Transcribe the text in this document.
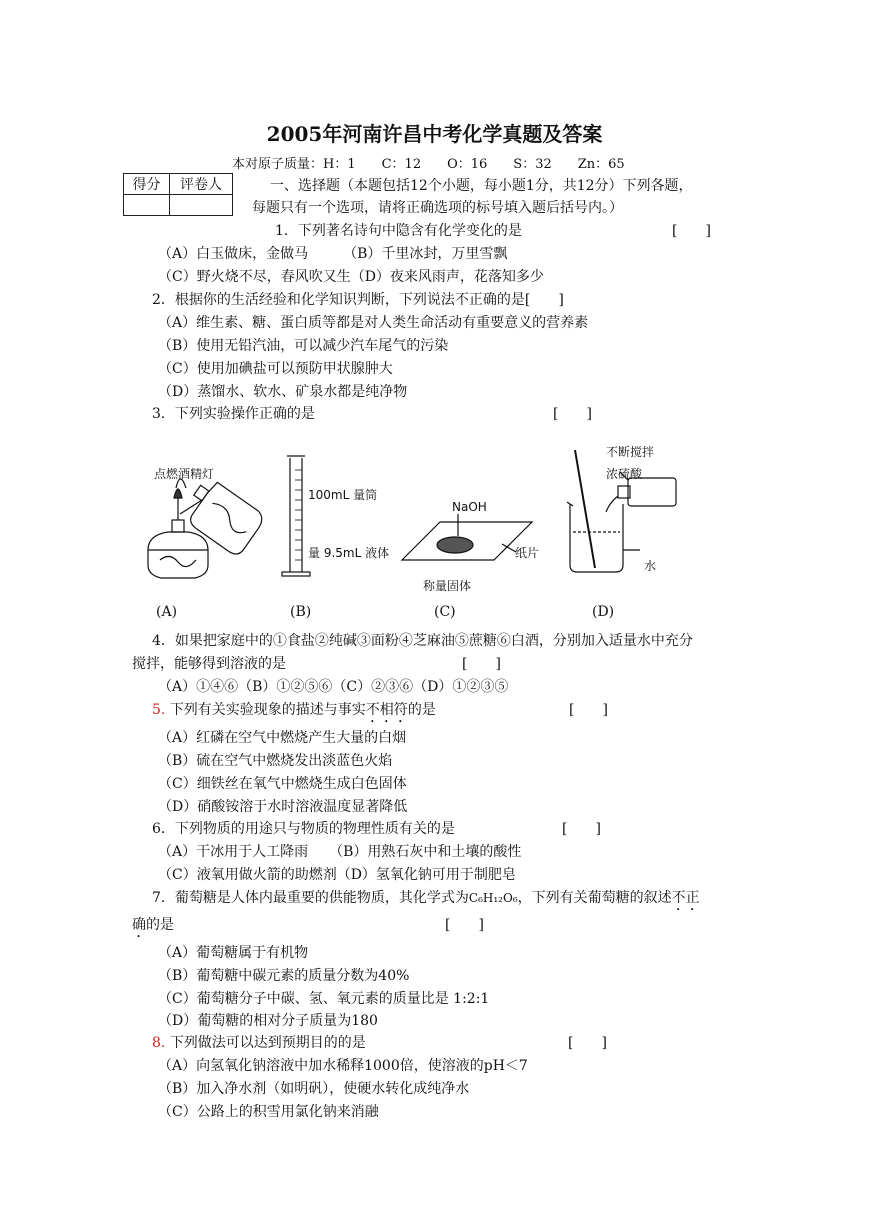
2005年河南许昌中考化学真题及答案
本对原子质量：H：1　　C：12　　O：16　　S：32　　Zn：65
得分	评卷人
		一、选择题（本题包括12个小题，每小题1分，共12分）下列各题，
每题只有一个选项，请将正确选项的标号填入题后括号内。）
1．下列著名诗句中隐含有化学变化的是	[　　]
（A）白玉做床，金做马　　　（B）千里冰封，万里雪飘
（C）野火烧不尽，春风吹又生（D）夜来风雨声，花落知多少
2．根据你的生活经验和化学知识判断，下列说法不正确的是[　　]
（A）维生素、糖、蛋白质等都是对人类生命活动有重要意义的营养素
（B）使用无铅汽油，可以减少汽车尾气的污染
（C）使用加碘盐可以预防甲状腺肿大
（D）蒸馏水、软水、矿泉水都是纯净物
3．下列实验操作正确的是	[　　]
点燃酒精灯
100mL 量筒
量 9.5mL 液体
NaOH
纸片
称量固体
不断搅拌
浓硫酸
水
(A)	(B)	(C)	(D)
4．如果把家庭中的①食盐②纯碱③面粉④芝麻油⑤蔗糖⑥白酒，分别加入适量水中充分
搅拌，能够得到溶液的是	[　　]
（A）①④⑥（B）①②⑤⑥（C）②③⑥（D）①②③⑤
5. 下列有关实验现象的描述与事实不相符的是	[　　]
（A）红磷在空气中燃烧产生大量的白烟
（B）硫在空气中燃烧发出淡蓝色火焰
（C）细铁丝在氧气中燃烧生成白色固体
（D）硝酸铵溶于水时溶液温度显著降低
6．下列物质的用途只与物质的物理性质有关的是	[　　]
（A）干冰用于人工降雨　　（B）用熟石灰中和土壤的酸性
（C）液氧用做火箭的助燃剂（D）氢氧化钠可用于制肥皂
7．葡萄糖是人体内最重要的供能物质，其化学式为C₆H₁₂O₆，下列有关葡萄糖的叙述不正
确的是	[　　]
（A）葡萄糖属于有机物
（B）葡萄糖中碳元素的质量分数为40%
（C）葡萄糖分子中碳、氢、氧元素的质量比是 1:2:1
（D）葡萄糖的相对分子质量为180
8. 下列做法可以达到预期目的的是	[　　]
（A）向氢氧化钠溶液中加水稀释1000倍，使溶液的pH＜7
（B）加入净水剂（如明矾），使硬水转化成纯净水
（C）公路上的积雪用氯化钠来消融
